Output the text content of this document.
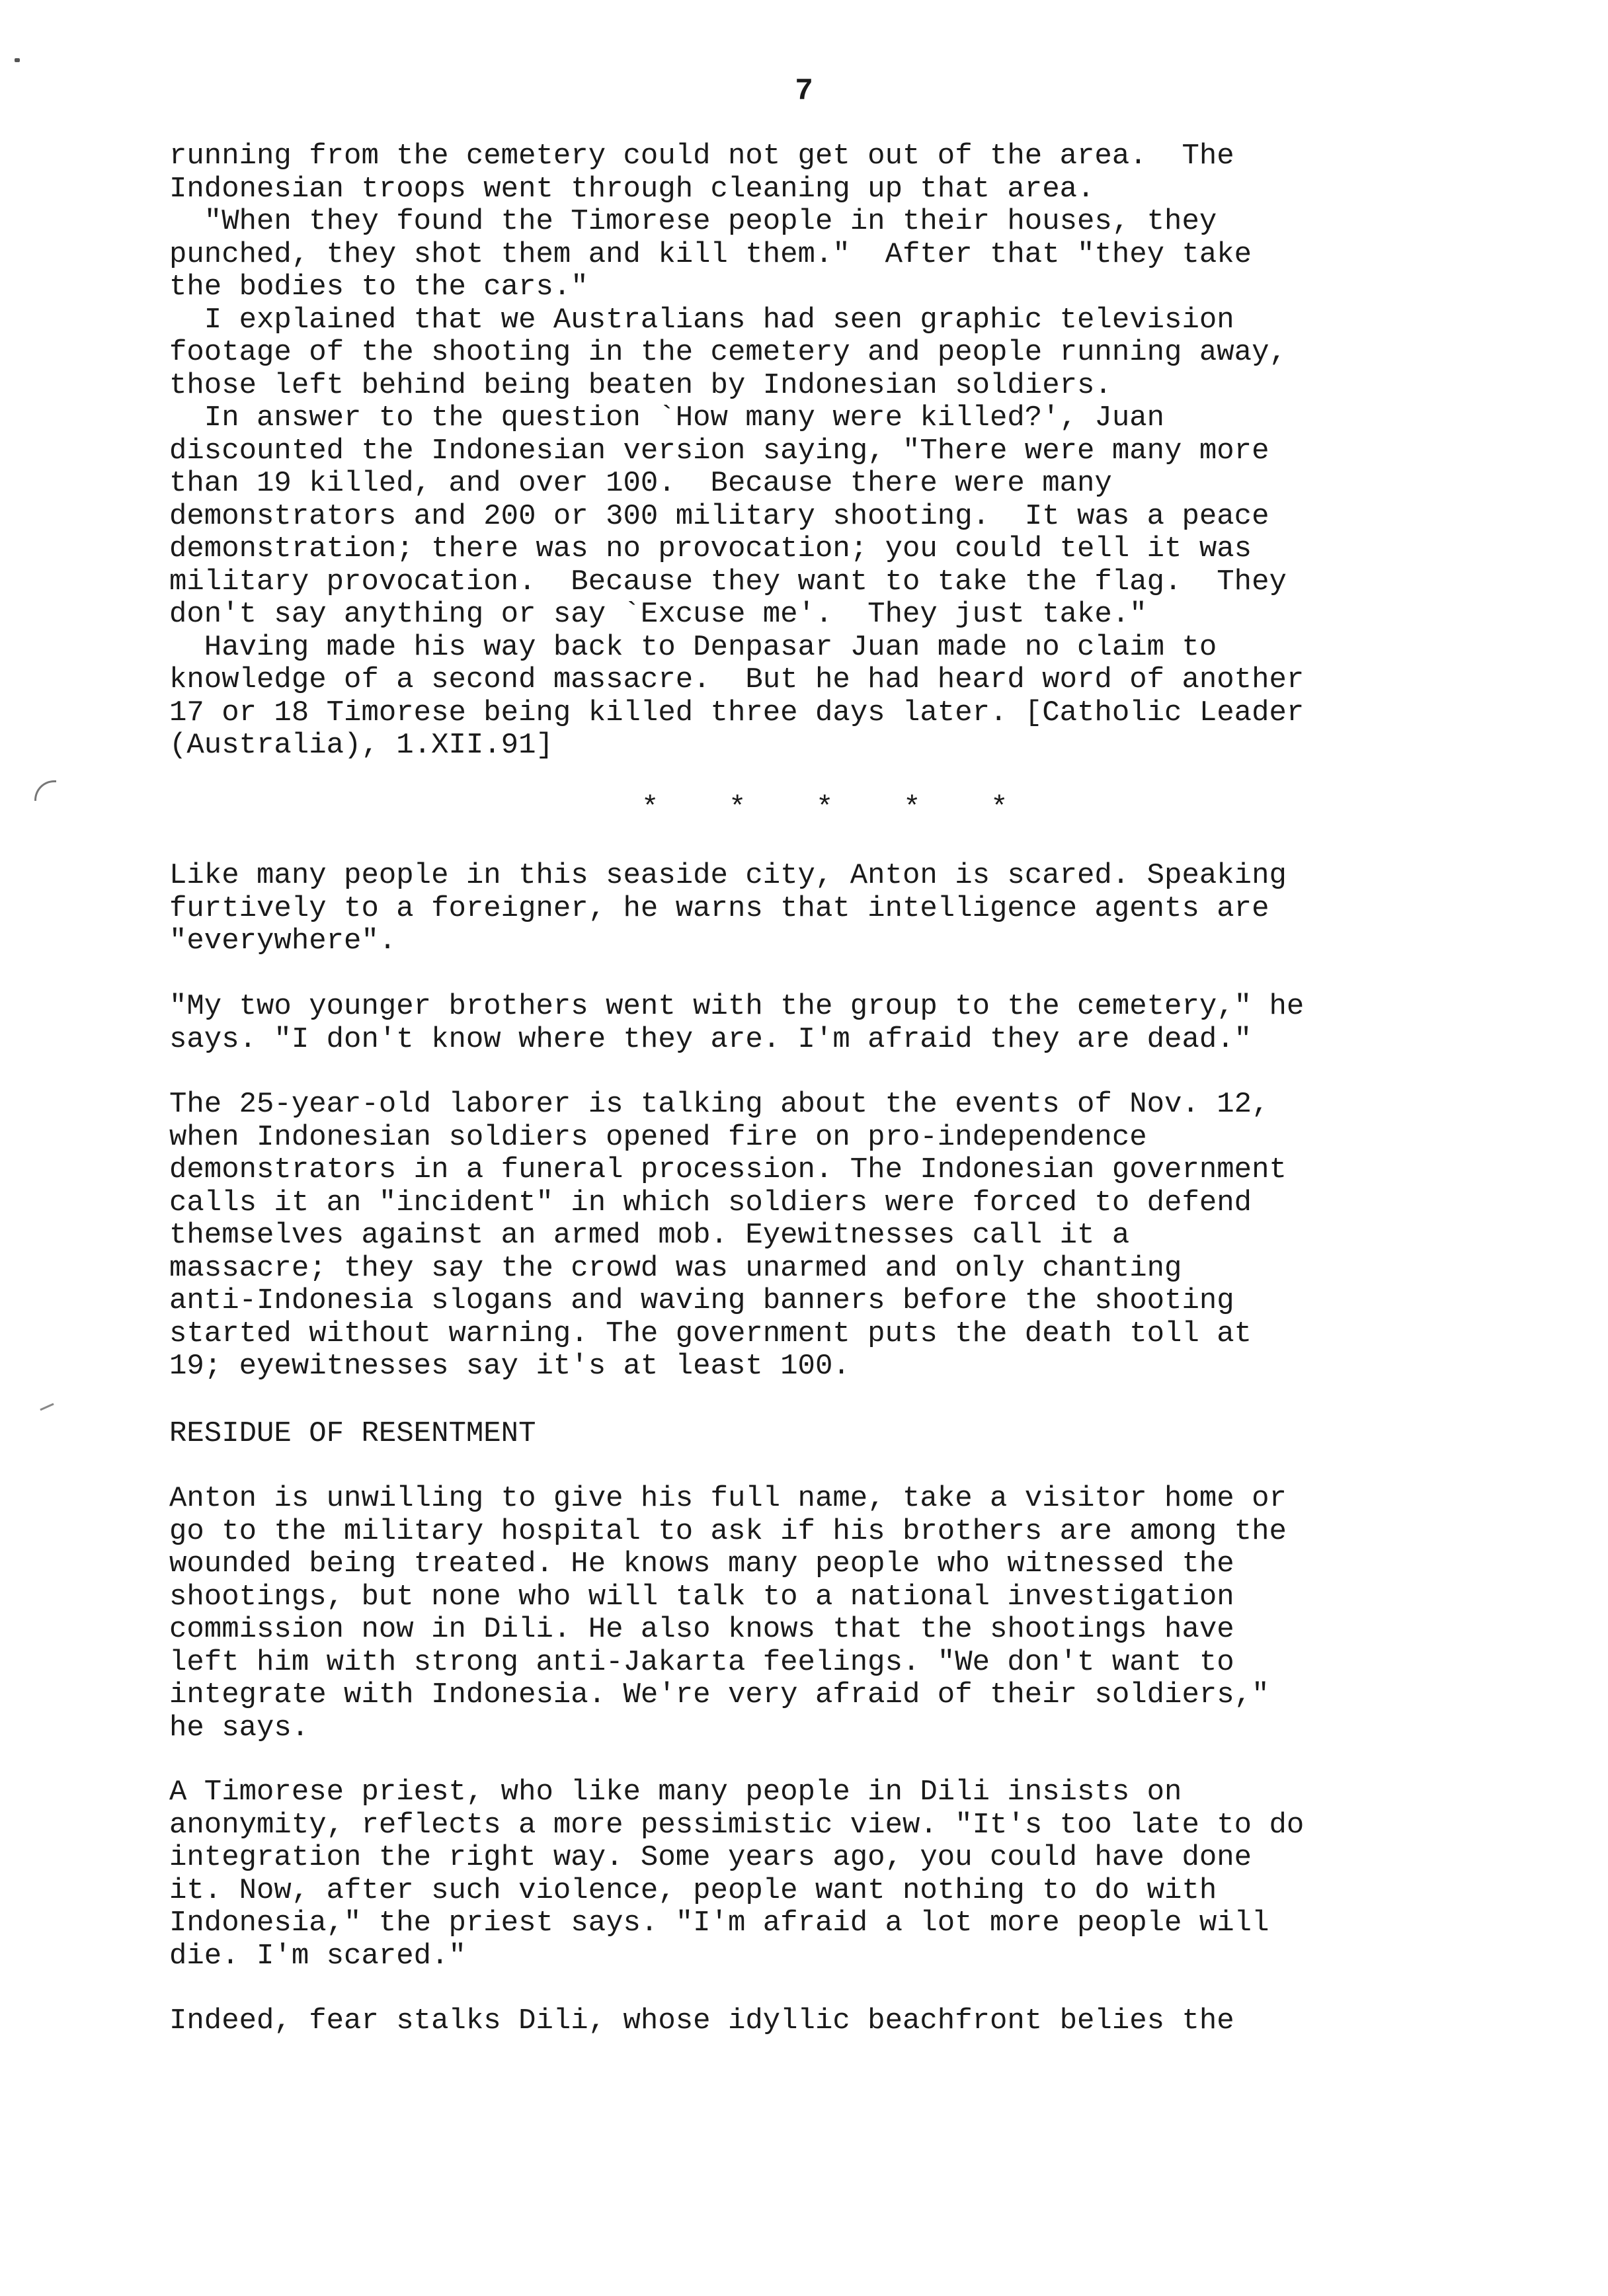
7
running from the cemetery could not get out of the area.  The
Indonesian troops went through cleaning up that area.
"When they found the Timorese people in their houses, they
punched, they shot them and kill them."  After that "they take
the bodies to the cars."
I explained that we Australians had seen graphic television
footage of the shooting in the cemetery and people running away,
those left behind being beaten by Indonesian soldiers.
In answer to the question `How many were killed?', Juan
discounted the Indonesian version saying, "There were many more
than 19 killed, and over 100.  Because there were many
demonstrators and 200 or 300 military shooting.  It was a peace
demonstration; there was no provocation; you could tell it was
military provocation.  Because they want to take the flag.  They
don't say anything or say `Excuse me'.  They just take."
Having made his way back to Denpasar Juan made no claim to
knowledge of a second massacre.  But he had heard word of another
17 or 18 Timorese being killed three days later. [Catholic Leader
(Australia), 1.XII.91]
*    *    *    *    *
Like many people in this seaside city, Anton is scared. Speaking
furtively to a foreigner, he warns that intelligence agents are
"everywhere".
"My two younger brothers went with the group to the cemetery," he
says. "I don't know where they are. I'm afraid they are dead."
The 25-year-old laborer is talking about the events of Nov. 12,
when Indonesian soldiers opened fire on pro-independence
demonstrators in a funeral procession. The Indonesian government
calls it an "incident" in which soldiers were forced to defend
themselves against an armed mob. Eyewitnesses call it a
massacre; they say the crowd was unarmed and only chanting
anti-Indonesia slogans and waving banners before the shooting
started without warning. The government puts the death toll at
19; eyewitnesses say it's at least 100.
RESIDUE OF RESENTMENT
Anton is unwilling to give his full name, take a visitor home or
go to the military hospital to ask if his brothers are among the
wounded being treated. He knows many people who witnessed the
shootings, but none who will talk to a national investigation
commission now in Dili. He also knows that the shootings have
left him with strong anti-Jakarta feelings. "We don't want to
integrate with Indonesia. We're very afraid of their soldiers,"
he says.
A Timorese priest, who like many people in Dili insists on
anonymity, reflects a more pessimistic view. "It's too late to do
integration the right way. Some years ago, you could have done
it. Now, after such violence, people want nothing to do with
Indonesia," the priest says. "I'm afraid a lot more people will
die. I'm scared."
Indeed, fear stalks Dili, whose idyllic beachfront belies the
